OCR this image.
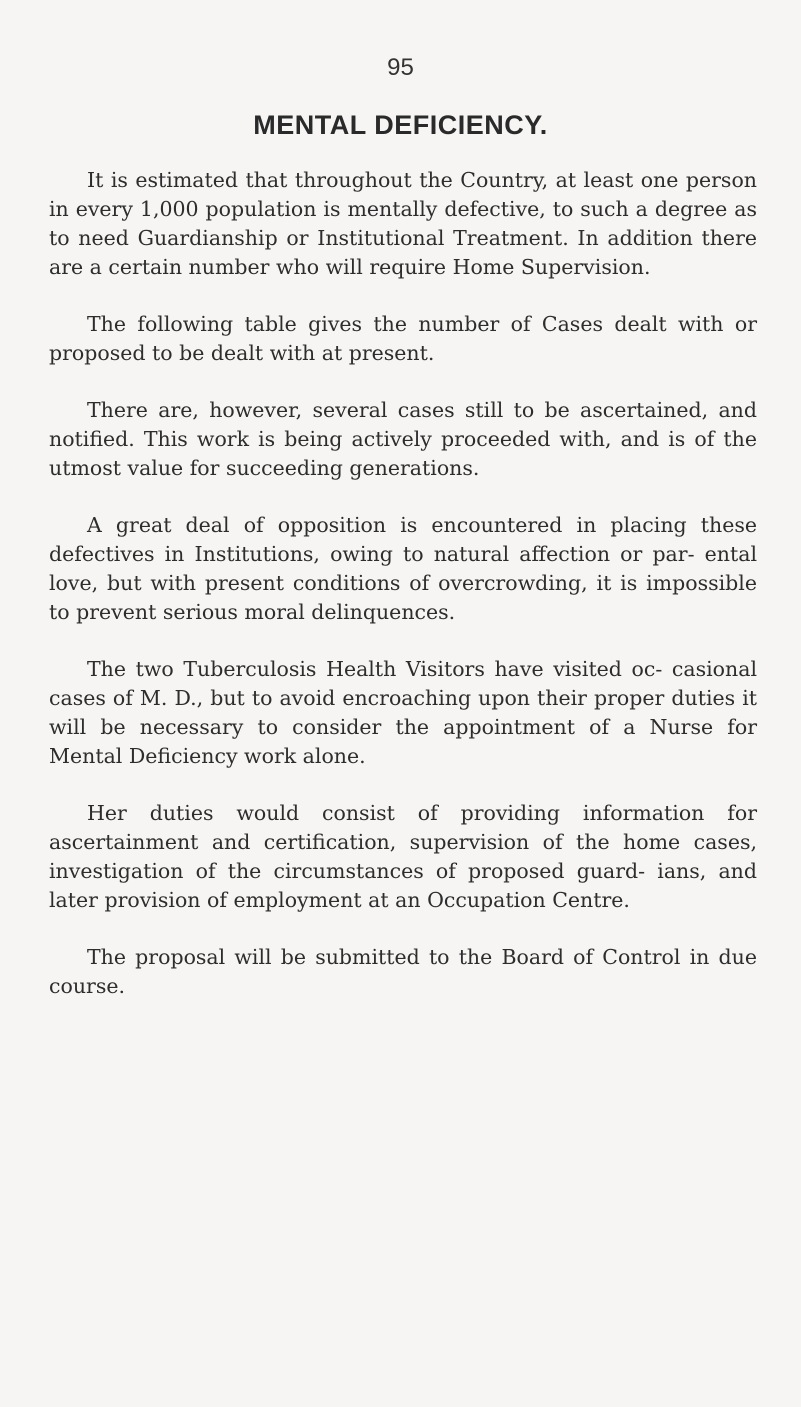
95
MENTAL DEFICIENCY.

It is estimated that throughout the Country, at least one person in every 1,000 population is mentally defective, to such a degree as to need Guardianship or Institutional Treatment. In addition there are a certain number who will require Home Supervision.

The following table gives the number of Cases dealt with or proposed to be dealt with at present.

There are, however, several cases still to be ascertained, and notified. This work is being actively proceeded with, and is of the utmost value for succeeding generations.

A great deal of opposition is encountered in placing these defectives in Institutions, owing to natural affection or par- ental love, but with present conditions of overcrowding, it is impossible to prevent serious moral delinquences.

The two Tuberculosis Health Visitors have visited oc- casional cases of M. D., but to avoid encroaching upon their proper duties it will be necessary to consider the appointment of a Nurse for Mental Deficiency work alone.

Her duties would consist of providing information for ascertainment and certification, supervision of the home cases, investigation of the circumstances of proposed guard- ians, and later provision of employment at an Occupation Centre.

The proposal will be submitted to the Board of Control in due course.
